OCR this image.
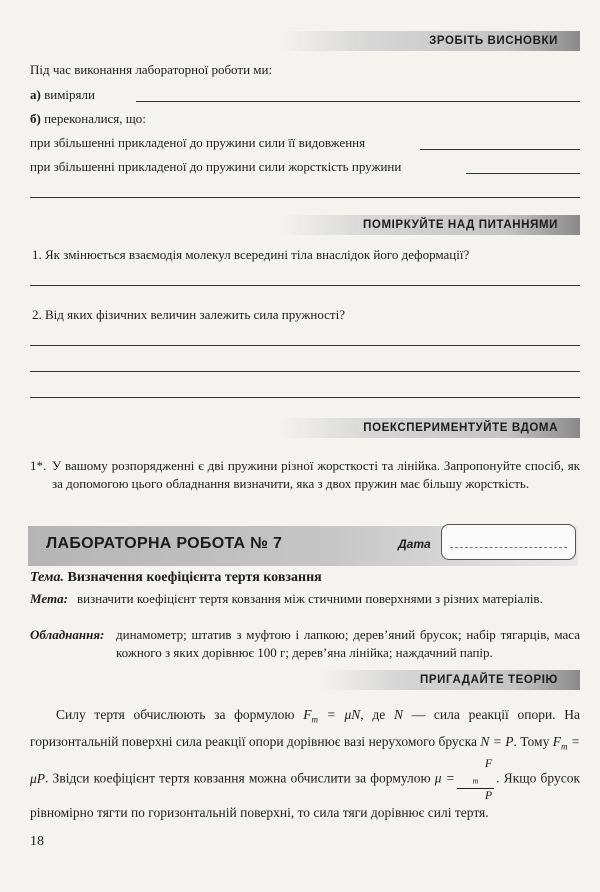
ЗРОБІТЬ ВИСНОВКИ
Під час виконання лабораторної роботи ми:
а) виміряли
б) переконалися, що:
при збільшенні прикладеної до пружини сили її видовження
при збільшенні прикладеної до пружини сили жорсткість пружини
ПОМІРКУЙТЕ НАД ПИТАННЯМИ
1. Як змінюється взаємодія молекул всередині тіла внаслідок його деформації?
2. Від яких фізичних величин залежить сила пружності?
ПОЕКСПЕРИМЕНТУЙТЕ ВДОМА
1*. У вашому розпорядженні є дві пружини різної жорсткості та лінійка. Запропонуйте спосіб, як за допомогою цього обладнання визначити, яка з двох пружин має більшу жорсткість.
ЛАБОРАТОРНА РОБОТА № 7	Дата
Тема. Визначення коефіцієнта тертя ковзання
Мета: визначити коефіцієнт тертя ковзання між стичними поверхнями з різних матеріалів.
Обладнання: динамометр; штатив з муфтою і лапкою; дерев’яний брусок; набір тягарців, маса кожного з яких дорівнює 100 г; дерев’яна лінійка; наждачний папір.
ПРИГАДАЙТЕ ТЕОРІЮ
Силу тертя обчислюють за формулою $F_т = \mu N$, де N — сила реакції опори. На горизонтальній поверхні сила реакції опори дорівнює вазі нерухомого бруска N = P. Тому $F_т = \mu P$. Звідси коефіцієнт тертя ковзання можна обчислити за формулою μ = F
$_т$
P . Якщо брусок рівномірно тягти по горизонтальній поверхні, то сила тяги дорівнює силі тертя.
18
